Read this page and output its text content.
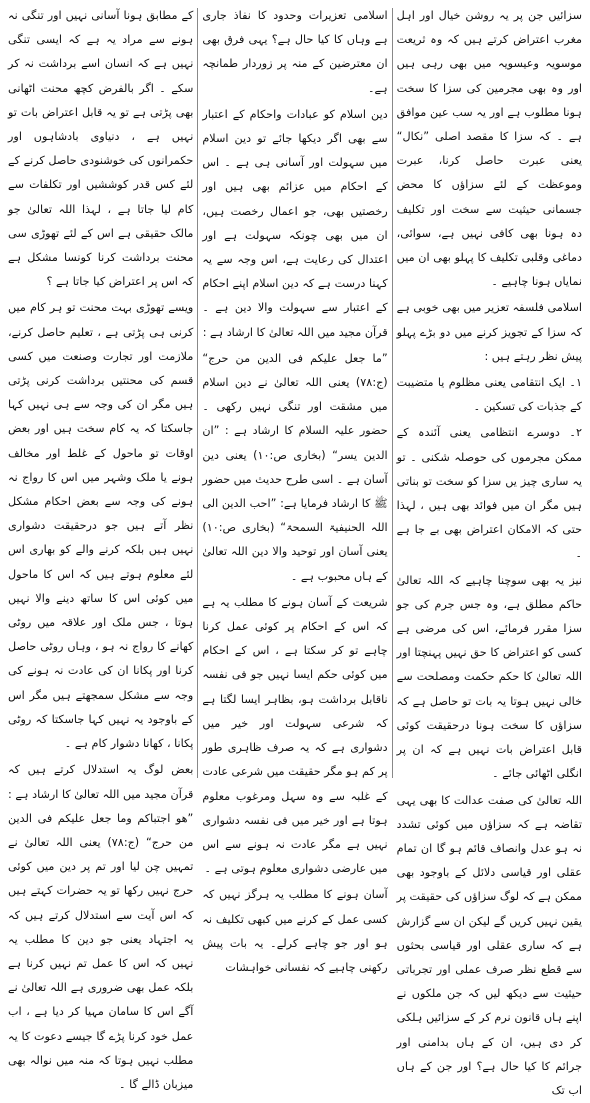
سزائیں جن پر یہ روشن خیال اور اہل مغرب اعتراض کرتے ہیں کہ وہ ثریعت موسویہ وعیسویہ میں بھی رہی ہیں اور وہ بھی مجرمین کی سزا کا سخت ہونا مطلوب ہے اور یہ سب عین موافق ہے ۔ کہ سزا کا مقصد اصلی ”نکال“ یعنی عبرت حاصل کرنا، عبرت وموعظت کے لئے سزاؤں کا محض جسمانی حیثیت سے سخت اور تکلیف دہ ہونا بھی کافی نہیں ہے، سوائی، دماغی وقلبی تکلیف کا پہلو بھی ان میں نمایاں ہونا چاہیے ۔

اسلامی فلسفہ تعزیر میں بھی خوبی ہے کہ سزا کے تجویز کرنے میں دو بڑے پہلو پیش نظر رہتے ہیں :

۱۔ ایک انتقامی یعنی مظلوم یا متضیبت کے جذبات کی تسکین ۔

۲۔ دوسرے انتظامی یعنی آئندہ کے ممکن مجرموں کی حوصلہ شکنی ۔ تو یہ ساری چیز یں سزا کو سخت تو بناتی ہیں مگر ان میں فوائد بھی ہیں ، لہذا حتی کہ الامکان اعتراض بھی بے جا ہے ۔

نیز یہ بھی سوچنا چاہیے کہ اللہ تعالیٰ حاکم مطلق ہے، وہ جس جرم کی جو سزا مقرر فرمائے، اس کی مرضی ہے کسی کو اعتراض کا حق نہیں پہنچتا اور اللہ تعالیٰ کا حکم حکمت ومصلحت سے خالی نہیں ہوتا یہ بات تو حاصل ہے کہ سزاؤں کا سخت ہونا درحقیقت کوئی قابل اعتراض بات نہیں ہے کہ ان پر انگلی اٹھائی جائے ۔

اللہ تعالیٰ کی صفت عدالت کا بھی یہی تقاضہ ہے کہ سزاؤں میں کوئی تشدد نہ ہو عدل وانصاف قائم ہو گا ان تمام عقلی اور قیاسی دلائل کے باوجود بھی ممکن ہے کہ لوگ سزاؤں کی حقیقت پر یقین نہیں کریں گے لیکن ان سے گزارش ہے کہ ساری عقلی اور قیاسی بحثوں سے قطع نظر صرف عملی اور تجرباتی حیثیت سے دیکھ لیں کہ جن ملکوں نے اپنے ہاں قانون نرم کر کے سزائیں ہلکی کر دی ہیں، ان کے ہاں بدامنی اور جرائم کا کیا حال ہے؟ اور جن کے ہاں اب تک

اسلامی تعزیرات وحدود کا نفاذ جاری ہے وہاں کا کیا حال ہے؟ یہی فرق بھی ان معترضین کے منہ پر زوردار طمانچہ ہے۔

دین اسلام کو عبادات واحکام کے اعتبار سے بھی اگر دیکھا جائے تو دین اسلام میں سہولت اور آسانی ہی ہے ۔ اس کے احکام میں عزائم بھی ہیں اور رخصتیں بھی، جو اعمال رخصت ہیں، ان میں بھی چونکہ سہولت ہے اور اعتدال کی رعایت ہے، اس وجہ سے یہ کہنا درست ہے کہ دین اسلام اپنے احکام کے اعتبار سے سہولت والا دین ہے ۔ قرآن مجید میں اللہ تعالیٰ کا ارشاد ہے :

”ما جعل علیکم فی الدین من حرج“ (ج:۷۸) یعنی اللہ تعالیٰ نے دین اسلام میں مشقت اور تنگی نہیں رکھی ۔ حضور علیہ السلام کا ارشاد ہے : ”ان الدین یسر“ (بخاری ص:۱۰) یعنی دین آسان ہے ۔ اسی طرح حدیث میں حضور ﷺ کا ارشاد فرمایا ہے: ”احب الدین الی اللہ الحنیفیۃ السمحۃ“ (بخاری ص:۱۰) یعنی آسان اور توحید والا دین اللہ تعالیٰ کے ہاں محبوب ہے ۔

شریعت کے آسان ہونے کا مطلب یہ ہے کہ اس کے احکام پر کوئی عمل کرنا چاہے تو کر سکتا ہے ، اس کے احکام میں کوئی حکم ایسا نہیں جو فی نفسہ ناقابل برداشت ہو، بظاہر ایسا لگتا ہے کہ شرعی سہولت اور خیر میں دشواری ہے کہ یہ صرف ظاہری طور پر کم ہو مگر حقیقت میں شرعی عادت کے غلبہ سے وہ سہل ومرغوب معلوم ہوتا ہے اور خیر میں فی نفسہ دشواری نہیں ہے مگر عادت نہ ہونے سے اس میں عارضی دشواری معلوم ہوتی ہے ۔

آسان ہونے کا مطلب یہ ہرگز نہیں کہ کسی عمل کے کرنے میں کبھی تکلیف نہ ہو اور جو چاہے کرلے۔ یہ بات پیش رکھنی چاہیے کہ نفسانی خواہشات

کے مطابق ہونا آسانی نہیں اور تنگی نہ ہونے سے مراد یہ ہے کہ ایسی تنگی نہیں ہے کہ انسان اسے برداشت نہ کر سکے ۔ اگر بالفرض کچھ محنت اٹھانی بھی پڑتی ہے تو یہ قابل اعتراض بات تو نہیں ہے ، دنیاوی بادشاہوں اور حکمرانوں کی خوشنودی حاصل کرنے کے لئے کس قدر کوششیں اور تکلفات سے کام لیا جاتا ہے ، لہذا اللہ تعالیٰ جو مالک حقیقی ہے اس کے لئے تھوڑی سی محنت برداشت کرنا کونسا مشکل ہے کہ اس پر اعتراض کیا جاتا ہے ؟

ویسے تھوڑی بہت محنت تو ہر کام میں کرنی ہی پڑتی ہے ، تعلیم حاصل کرنے، ملازمت اور تجارت وصنعت میں کسی قسم کی محنتیں برداشت کرنی پڑتی ہیں مگر ان کی وجہ سے ہی نہیں کہا جاسکتا کہ یہ کام سخت ہیں اور بعض اوقات تو ماحول کے غلط اور مخالف ہونے یا ملک وشہر میں اس کا رواج نہ ہونے کی وجہ سے بعض احکام مشکل نظر آتے ہیں جو درحقیقت دشواری نہیں ہیں بلکہ کرنے والے کو بھاری اس لئے معلوم ہوتے ہیں کہ اس کا ماحول میں کوئی اس کا ساتھ دینے والا نہیں ہوتا ، جس ملک اور علاقہ میں روٹی کھانے کا رواج نہ ہو ، وہاں روٹی حاصل کرنا اور پکانا ان کی عادت نہ ہونے کی وجہ سے مشکل سمجھتے ہیں مگر اس کے باوجود یہ نہیں کہا جاسکتا کہ روٹی پکانا ، کھانا دشوار کام ہے ۔

بعض لوگ یہ استدلال کرتے ہیں کہ قرآن مجید میں اللہ تعالیٰ کا ارشاد ہے : ”ھو اجتباکم وما جعل علیکم فی الدین من حرج“ (ج:۷۸) یعنی اللہ تعالیٰ نے تمہیں چن لیا اور تم پر دین میں کوئی حرج نہیں رکھا تو یہ حضرات کہتے ہیں کہ اس آیت سے استدلال کرتے ہیں کہ یہ اجتہاد یعنی جو دین کا مطلب یہ نہیں کہ اس کا عمل تم نہیں کرنا ہے بلکہ عمل بھی ضروری ہے اللہ تعالیٰ نے آگے اس کا سامان مہیا کر دیا ہے ، اب عمل خود کرنا پڑے گا جیسے دعوت کا یہ مطلب نہیں ہوتا کہ منہ میں نوالہ بھی میزبان ڈالے گا ۔
